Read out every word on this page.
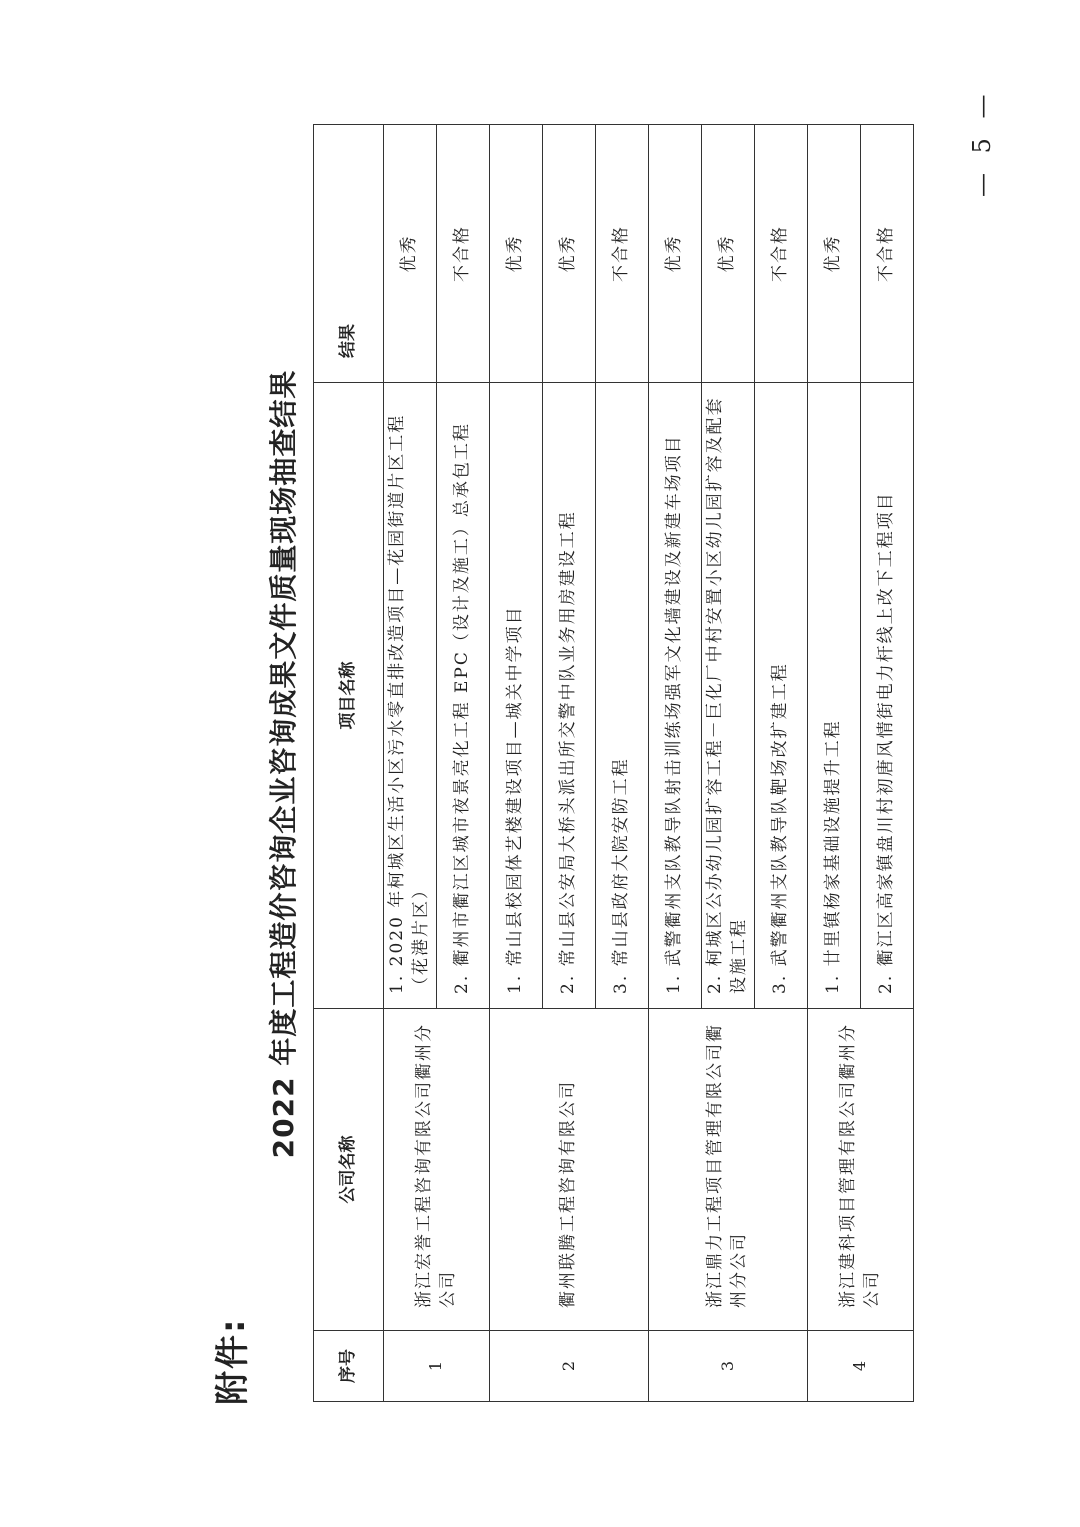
附件:
2022 年度工程造价咨询企业咨询成果文件质量现场抽查结果
序号	公司名称	项目名称	结果
1	浙江宏誉工程咨询有限公司衢州分公司	1. 2020 年柯城区生活小区污水零直排改造项目—花园街道片区工程（花港片区）	优秀
		2. 衢州市衢江区城市夜景亮化工程 EPC（设计及施工）总承包工程	不合格
2	衢州联腾工程咨询有限公司	1. 常山县校园体艺楼建设项目—城关中学项目	优秀
		2. 常山县公安局大桥头派出所交警中队业务用房建设工程	优秀
		3. 常山县政府大院安防工程	不合格
3	浙江鼎力工程项目管理有限公司衢州分公司	1. 武警衢州支队教导队射击训练场强军文化墙建设及新建车场项目	优秀
		2. 柯城区公办幼儿园扩容工程－巨化厂中村安置小区幼儿园扩容及配套设施工程	优秀
		3. 武警衢州支队教导队靶场改扩建工程	不合格
4	浙江建科项目管理有限公司衢州分公司	1. 廿里镇杨家基础设施提升工程	优秀
		2. 衢江区高家镇盘川村初唐风情街电力杆线上改下工程项目	不合格
— 5 —
